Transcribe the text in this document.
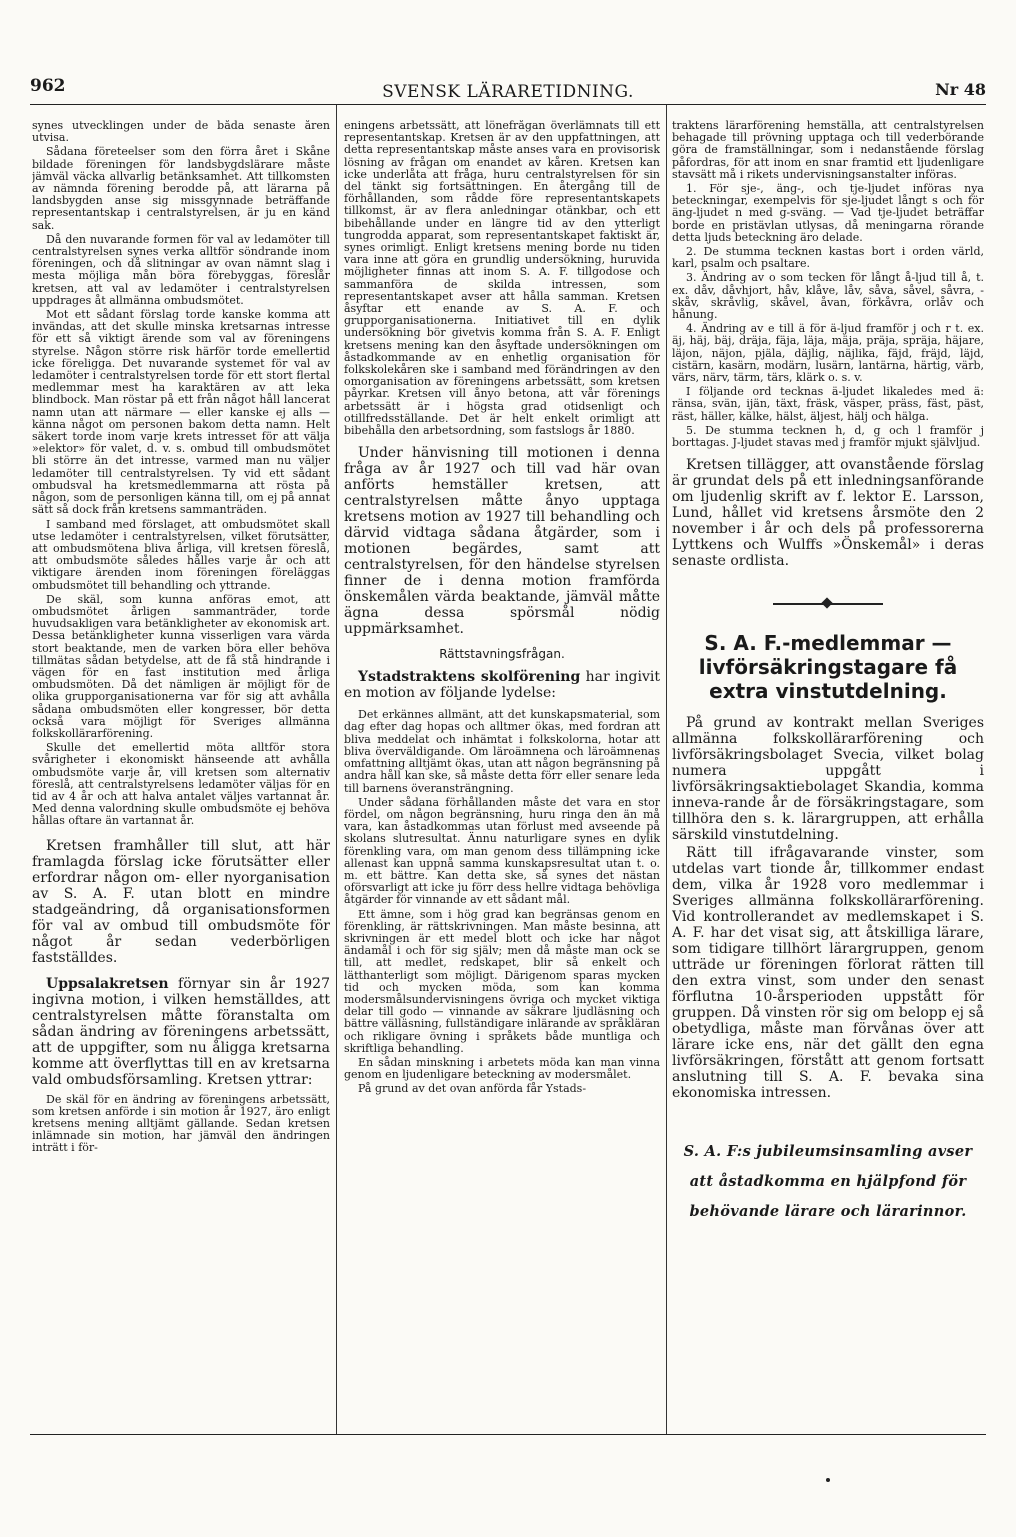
962	SVENSK LÄRARETIDNING.	Nr 48

synes utvecklingen under de båda senaste åren utvisa.

Sådana företeelser som den förra året i Skåne bildade föreningen för landsbygdslärare måste jämväl väcka allvarlig betänksamhet. Att tillkomsten av nämnda förening berodde på, att lärarna på landsbygden anse sig missgynnade beträffande representantskap i centralstyrelsen, är ju en känd sak.

Då den nuvarande formen för val av ledamöter till centralstyrelsen synes verka alltför söndrande inom föreningen, och då slitningar av ovan nämnt slag i mesta möjliga mån böra förebyggas, föreslår kretsen, att val av ledamöter i centralstyrelsen uppdrages åt allmänna ombudsmötet.

Mot ett sådant förslag torde kanske komma att invändas, att det skulle minska kretsarnas intresse för ett så viktigt ärende som val av föreningens styrelse. Någon större risk härför torde emellertid icke föreligga. Det nuvarande systemet för val av ledamöter i centralstyrelsen torde för ett stort flertal medlemmar mest ha karaktären av att leka blindbock. Man röstar på ett från något håll lancerat namn utan att närmare — eller kanske ej alls — känna något om personen bakom detta namn. Helt säkert torde inom varje krets intresset för att välja »elektor» för valet, d. v. s. ombud till ombudsmötet bli större än det intresse, varmed man nu väljer ledamöter till centralstyrelsen. Ty vid ett sådant ombudsval ha kretsmedlemmarna att rösta på någon, som de personligen känna till, om ej på annat sätt så dock från kretsens sammanträden.

I samband med förslaget, att ombudsmötet skall utse ledamöter i centralstyrelsen, vilket förutsätter, att ombudsmötena bliva årliga, vill kretsen föreslå, att ombudsmöte således hålles varje år och att viktigare ärenden inom föreningen föreläggas ombudsmötet till behandling och yttrande.

De skäl, som kunna anföras emot, att ombudsmötet årligen sammanträder, torde huvudsakligen vara betänkligheter av ekonomisk art. Dessa betänkligheter kunna visserligen vara värda stort beaktande, men de varken böra eller behöva tillmätas sådan betydelse, att de få stå hindrande i vägen för en fast institution med årliga ombudsmöten. Då det nämligen är möjligt för de olika grupporganisationerna var för sig att avhålla sådana ombudsmöten eller kongresser, bör detta också vara möjligt för Sveriges allmänna folkskollärarförening.

Skulle det emellertid möta alltför stora svårigheter i ekonomiskt hänseende att avhålla ombudsmöte varje år, vill kretsen som alternativ föreslå, att centralstyrelsens ledamöter väljas för en tid av 4 år och att halva antalet väljes vartannat år. Med denna valordning skulle ombudsmöte ej behöva hållas oftare än vartannat år.

Kretsen framhåller till slut, att här framlagda förslag icke förutsätter eller erfordrar någon om- eller nyorganisation av S. A. F. utan blott en mindre stadgeändring, då organisationsformen för val av ombud till ombudsmöte för något år sedan vederbörligen fastställdes.

Uppsalakretsen förnyar sin år 1927 ingivna motion, i vilken hemställdes, att centralstyrelsen måtte föranstalta om sådan ändring av föreningens arbetssätt, att de uppgifter, som nu åligga kretsarna komme att överflyttas till en av kretsarna vald ombudsförsamling. Kretsen yttrar:

De skäl för en ändring av föreningens arbetssätt, som kretsen anförde i sin motion år 1927, äro enligt kretsens mening alltjämt gällande. Sedan kretsen inlämnade sin motion, har jämväl den ändringen inträtt i för-

eningens arbetssätt, att lönefrågan överlämnats till ett representantskap. Kretsen är av den uppfattningen, att detta representantskap måste anses vara en provisorisk lösning av frågan om enandet av kåren. Kretsen kan icke underlåta att fråga, huru centralstyrelsen för sin del tänkt sig fortsättningen. En återgång till de förhållanden, som rådde före representantskapets tillkomst, är av flera anledningar otänkbar, och ett bibehållande under en längre tid av den ytterligt tungrodda apparat, som representantskapet faktiskt är, synes orimligt. Enligt kretsens mening borde nu tiden vara inne att göra en grundlig undersökning, huruvida möjligheter finnas att inom S. A. F. tillgodose och sammanföra de skilda intressen, som representantskapet avser att hålla samman. Kretsen åsyftar ett enande av S. A. F. och grupporganisationerna. Initiativet till en dylik undersökning bör givetvis komma från S. A. F. Enligt kretsens mening kan den åsyftade undersökningen om åstadkommande av en enhetlig organisation för folkskolekåren ske i samband med förändringen av den omorganisation av föreningens arbetssätt, som kretsen påyrkar. Kretsen vill ånyo betona, att vår förenings arbetssätt är i högsta grad otidsenligt och otillfredsställande. Det är helt enkelt orimligt att bibehålla den arbetsordning, som fastslogs år 1880.

Under hänvisning till motionen i denna fråga av år 1927 och till vad här ovan anförts hemställer kretsen, att centralstyrelsen måtte ånyo upptaga kretsens motion av 1927 till behandling och därvid vidtaga sådana åtgärder, som i motionen begärdes, samt att centralstyrelsen, för den händelse styrelsen finner de i denna motion framförda önskemålen värda beaktande, jämväl måtte ägna dessa spörsmål nödig uppmärksamhet.

Rättstavningsfrågan.

Ystadstraktens skolförening har ingivit en motion av följande lydelse:

Det erkännes allmänt, att det kunskapsmaterial, som dag efter dag hopas och alltmer ökas, med fordran att bliva meddelat och inhämtat i folkskolorna, hotar att bliva överväldigande. Om läroämnena och läroämnenas omfattning alltjämt ökas, utan att någon begränsning på andra håll kan ske, så måste detta förr eller senare leda till barnens överansträngning.

Under sådana förhållanden måste det vara en stor fördel, om någon begränsning, huru ringa den än må vara, kan åstadkommas utan förlust med avseende på skolans slutresultat. Ännu naturligare synes en dylik förenkling vara, om man genom dess tillämpning icke allenast kan uppnå samma kunskapsresultat utan t. o. m. ett bättre. Kan detta ske, så synes det nästan oförsvarligt att icke ju förr dess hellre vidtaga behövliga åtgärder för vinnande av ett sådant mål.

Ett ämne, som i hög grad kan begränsas genom en förenkling, är rättskrivningen. Man måste besinna, att skrivningen är ett medel blott och icke har något ändamål i och för sig själv; men då måste man ock se till, att medlet, redskapet, blir så enkelt och lätthanterligt som möjligt. Därigenom sparas mycken tid och mycken möda, som kan komma modersmålsundervisningens övriga och mycket viktiga delar till godo — vinnande av säkrare ljudläsning och bättre välläsning, fullständigare inlärande av språkläran och rikligare övning i språkets både muntliga och skriftliga behandling.

En sådan minskning i arbetets möda kan man vinna genom en ljudenligare beteckning av modersmålet.

På grund av det ovan anförda får Ystads-

traktens lärarförening hemställa, att centralstyrelsen behagade till prövning upptaga och till vederbörande göra de framställningar, som i nedanstående förslag påfordras, för att inom en snar framtid ett ljudenligare stavsätt må i rikets undervisningsanstalter införas.

1. För sje-, äng-, och tje-ljudet införas nya beteckningar, exempelvis för sje-ljudet långt s och för äng-ljudet n med g-sväng. — Vad tje-ljudet beträffar borde en pristävlan utlysas, då meningarna rörande detta ljuds beteckning äro delade.

2. De stumma tecknen kastas bort i orden värld, karl, psalm och psaltare.

3. Ändring av o som tecken för långt å-ljud till å, t. ex. dåv, dåvhjort, håv, klåve, låv, såva, såvel, såvra, -skåv, skråvlig, skåvel, åvan, förkåvra, orlåv och hånung.

4. Ändring av e till ä för ä-ljud framför j och r t. ex. äj, häj, bäj, dräja, fäja, läja, mäja, präja, spräja, häjare, läjon, näjon, pjäla, däjlig, näjlika, fäjd, fräjd, läjd, cistärn, kasärn, modärn, lusärn, lantärna, härtig, värb, värs, närv, tärm, tärs, klärk o. s. v.

I följande ord tecknas ä-ljudet likaledes med ä: ränsa, svän, ijän, täxt, fräsk, väsper, präss, fäst, päst, räst, häller, kälke, hälst, äljest, hälj och hälga.

5. De stumma tecknen h, d, g och l framför j borttagas. J-ljudet stavas med j framför mjukt självljud.

Kretsen tillägger, att ovanstående förslag är grundat dels på ett inledningsanförande om ljudenlig skrift av f. lektor E. Larsson, Lund, hållet vid kretsens årsmöte den 2 november i år och dels på professorerna Lyttkens och Wulffs »Önskemål» i deras senaste ordlista.

S. A. F.-medlemmar — livförsäkringstagare få extra vinstutdelning.

På grund av kontrakt mellan Sveriges allmänna folkskollärarförening och livförsäkringsbolaget Svecia, vilket bolag numera uppgått i livförsäkringsaktiebolaget Skandia, komma inneva-rande år de försäkringstagare, som tillhöra den s. k. lärargruppen, att erhålla särskild vinstutdelning.

Rätt till ifrågavarande vinster, som utdelas vart tionde år, tillkommer endast dem, vilka år 1928 voro medlemmar i Sveriges allmänna folkskollärarförening. Vid kontrollerandet av medlemskapet i S. A. F. har det visat sig, att åtskilliga lärare, som tidigare tillhört lärargruppen, genom utträde ur föreningen förlorat rätten till den extra vinst, som under den senast förflutna 10-årsperioden uppstått för gruppen. Då vinsten rör sig om belopp ej så obetydliga, måste man förvånas över att lärare icke ens, när det gällt den egna livförsäkringen, förstått att genom fortsatt anslutning till S. A. F. bevaka sina ekonomiska intressen.

S. A. F:s jubileumsinsamling avser att åstadkomma en hjälpfond för behövande lärare och lärarinnor.
